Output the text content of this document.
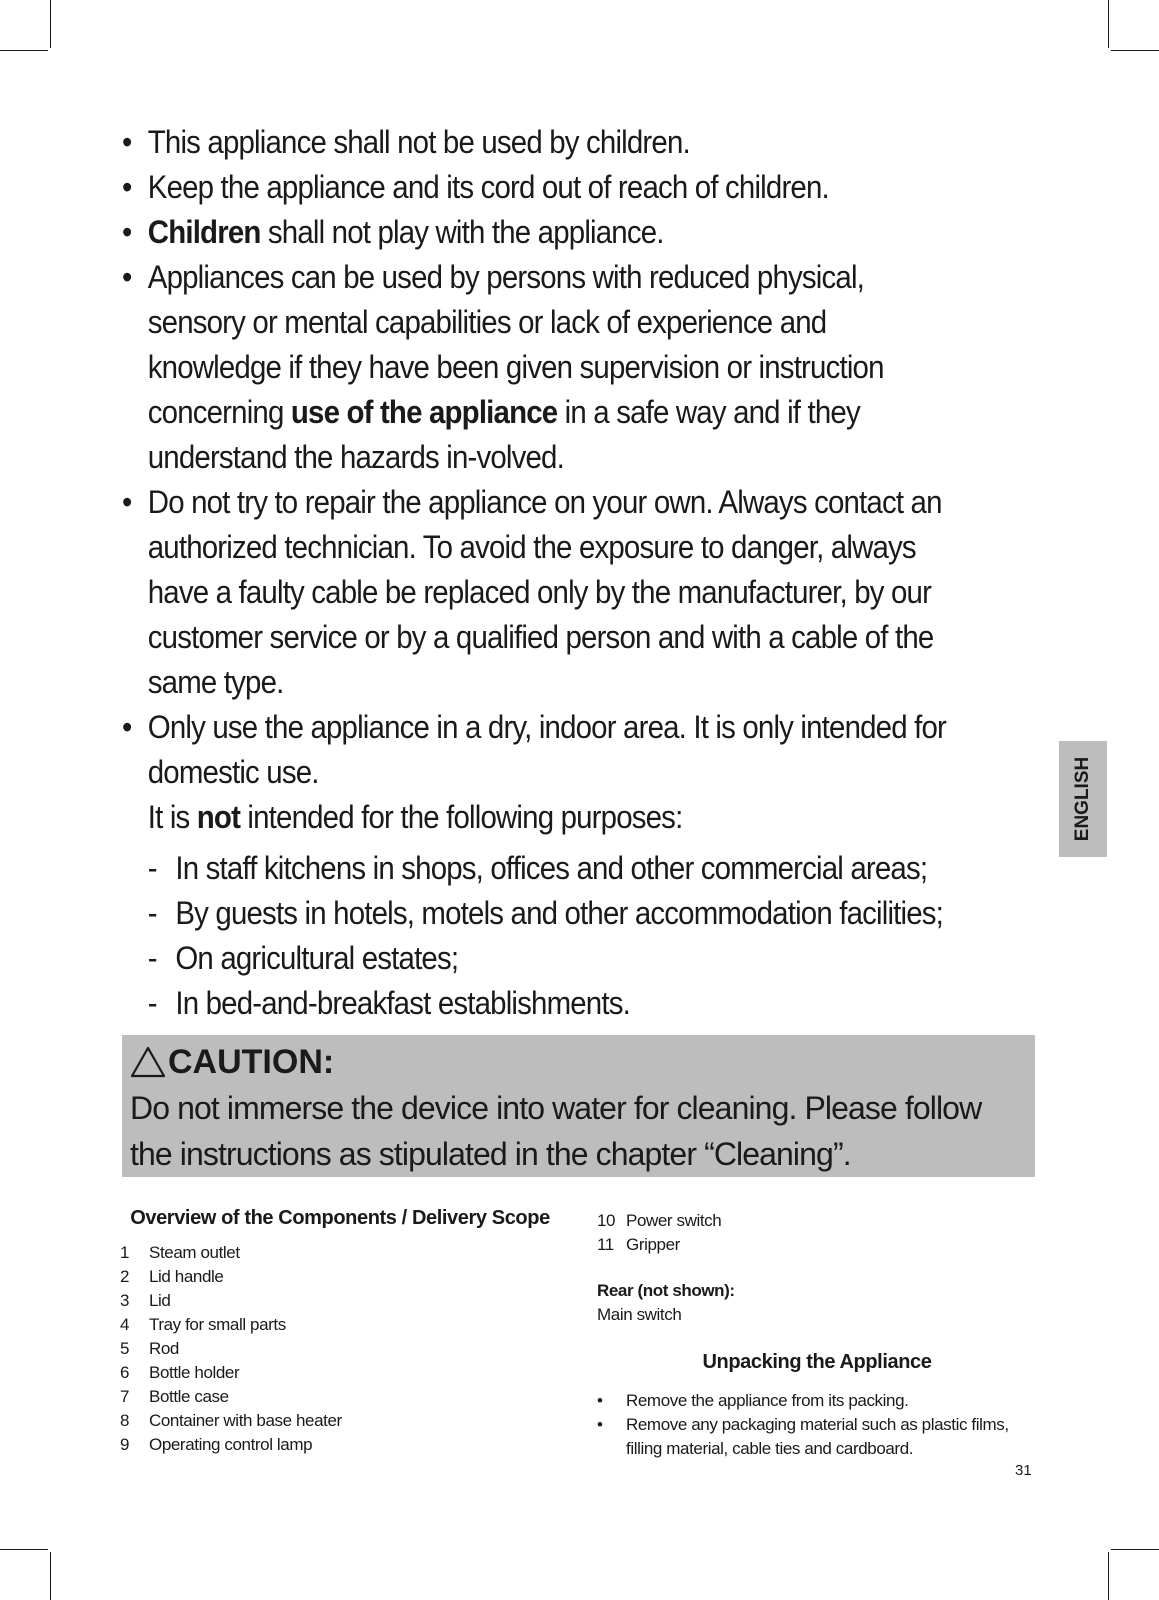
• This appliance shall not be used by children.
• Keep the appliance and its cord out of reach of children.
• Children shall not play with the appliance.
• Appliances can be used by persons with reduced physical, sensory or mental capabilities or lack of experience and knowledge if they have been given supervision or instruction concerning use of the appliance in a safe way and if they understand the hazards in-volved.
• Do not try to repair the appliance on your own. Always contact an authorized technician. To avoid the exposure to danger, always have a faulty cable be replaced only by the manufacturer, by our customer service or by a qualified person and with a cable of the same type.
• Only use the appliance in a dry, indoor area. It is only intended for domestic use.
It is not intended for the following purposes:
- In staff kitchens in shops, offices and other commercial areas;
- By guests in hotels, motels and other accommodation facilities;
- On agricultural estates;
- In bed-and-breakfast establishments.
CAUTION:
Do not immerse the device into water for cleaning. Please follow the instructions as stipulated in the chapter “Cleaning”.

Overview of the Components / Delivery Scope

1	Steam outlet
2	Lid handle
3	Lid
4	Tray for small parts
5	Rod
6	Bottle holder
7	Bottle case
8	Container with base heater
9	Operating control lamp
10 Power switch
11 Gripper
Rear (not shown):
Main switch

Unpacking the Appliance

• Remove the appliance from its packing.
• Remove any packaging material such as plastic films, filling material, cable ties and cardboard.
ENGLISH
31
